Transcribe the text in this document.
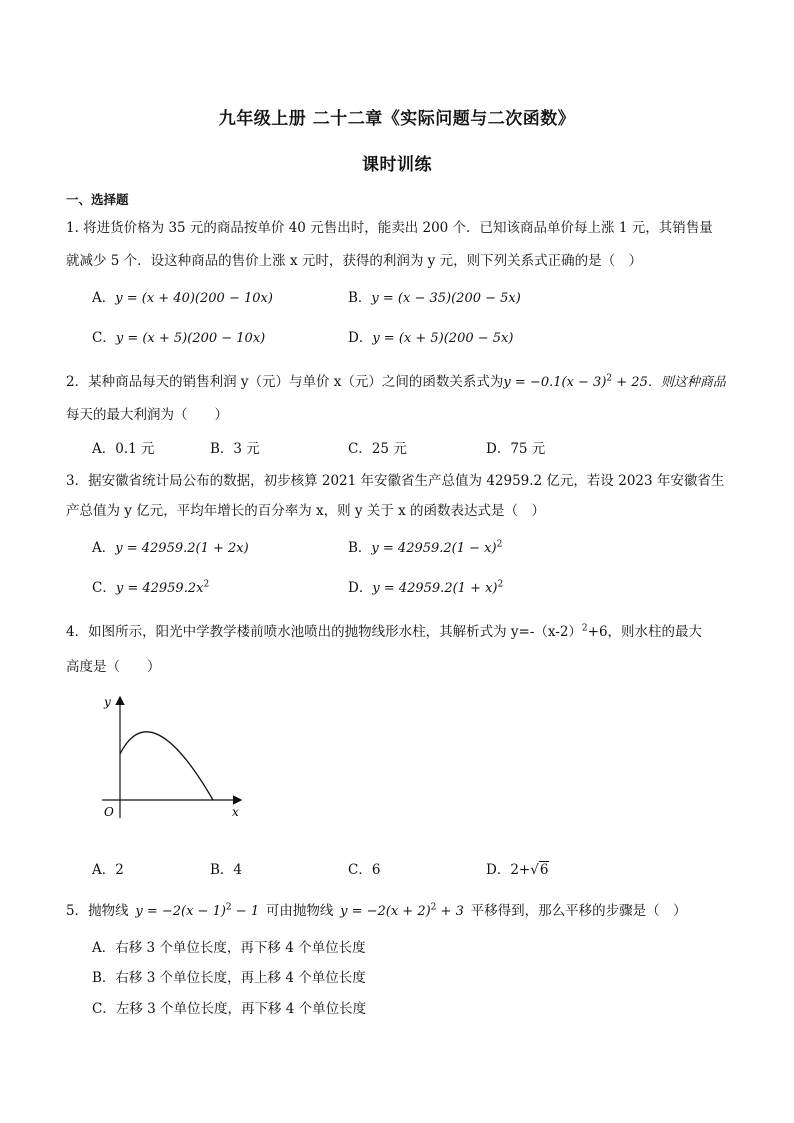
九年级上册 二十二章《实际问题与二次函数》
课时训练
一、选择题
1. 将进货价格为 35 元的商品按单价 40 元售出时，能卖出 200 个．已知该商品单价每上涨 1 元，其销售量
就减少 5 个．设这种商品的售价上涨 x 元时，获得的利润为 y 元，则下列关系式正确的是（　）
A．y = (x + 40)(200 − 10x)	B．y = (x − 35)(200 − 5x)
C．y = (x + 5)(200 − 10x)	D．y = (x + 5)(200 − 5x)
2．某种商品每天的销售利润 y（元）与单价 x（元）之间的函数关系式为$y = -0.1(x - 3)^2 + 25$．则这种商品
每天的最大利润为（　　）
A．0.1 元	B．3 元	C．25 元	D．75 元
3．据安徽省统计局公布的数据，初步核算 2021 年安徽省生产总值为 42959.2 亿元，若设 2023 年安徽省生
产总值为 y 亿元，平均年增长的百分率为 x，则 y 关于 x 的函数表达式是（　）
A．y = 42959.2(1 + 2x)	B．$y = 42959.2(1 - x)^2$
C．$y = 42959.2x^2$	D．$y = 42959.2(1 + x)^2$
4．如图所示，阳光中学教学楼前喷水池喷出的抛物线形水柱，其解析式为 $y=-(x-2)^2+6$，则水柱的最大
高度是（　　）
y
x
O
A．2	B．4	C．6	D．2+√6
5．抛物线  $y = -2(x - 1)^2 - 1$  可由抛物线  $y = -2(x + 2)^2 + 3$  平移得到，那么平移的步骤是（　）
A．右移 3 个单位长度，再下移 4 个单位长度
B．右移 3 个单位长度，再上移 4 个单位长度
C．左移 3 个单位长度，再下移 4 个单位长度
